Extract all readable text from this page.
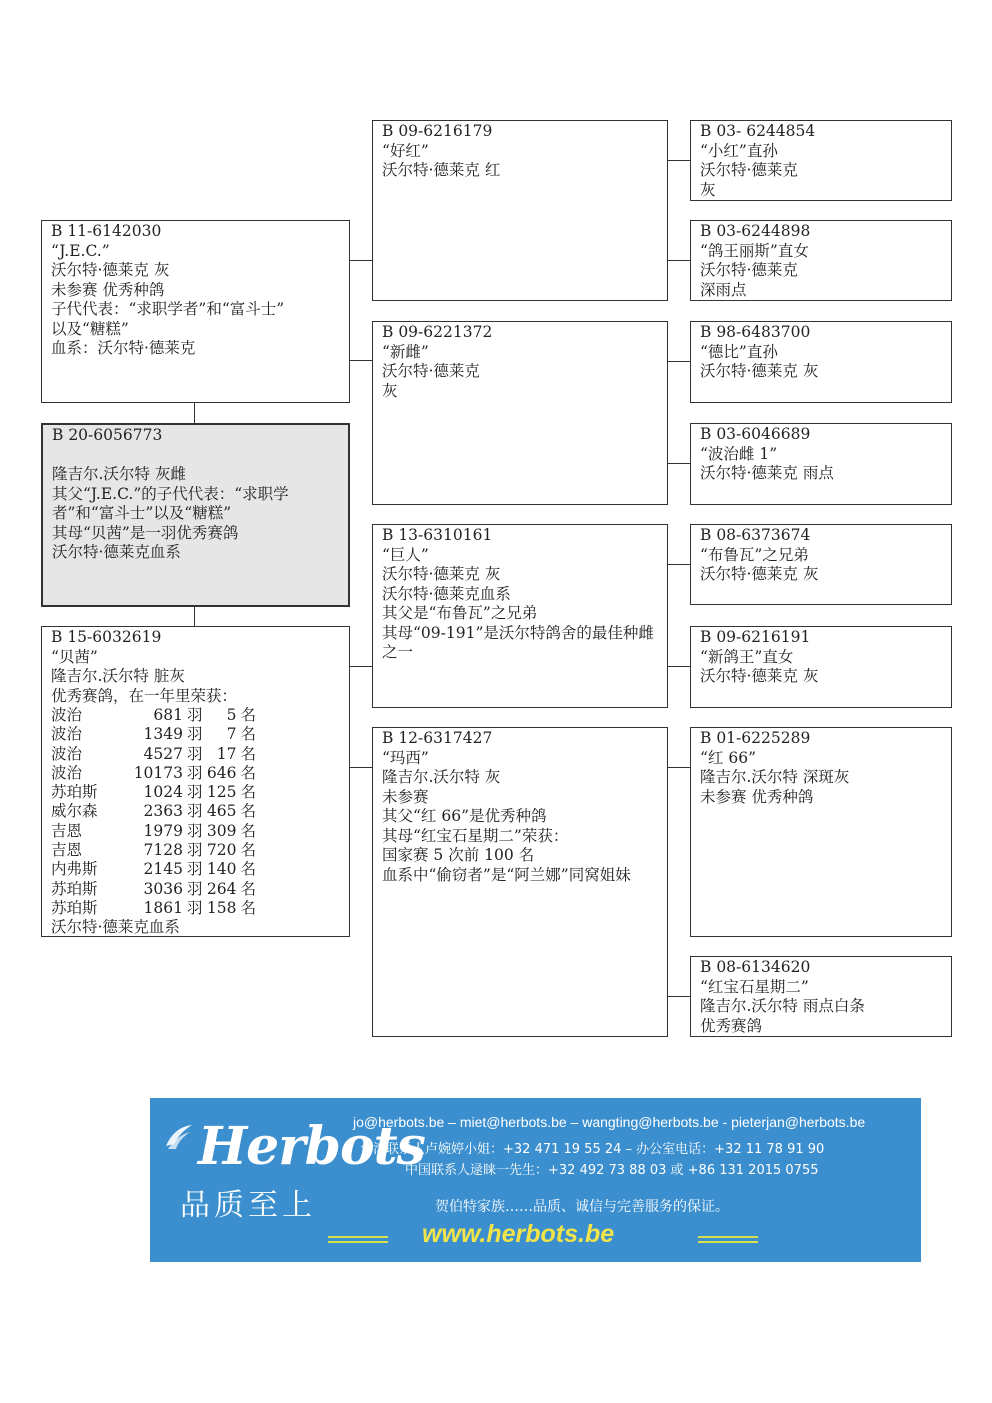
B 11-6142030
“J.E.C.”
沃尔特·德莱克 灰
未参赛 优秀种鸽
子代代表：“求职学者”和“富斗士”
以及“糖糕”
血系：沃尔特·德莱克
B 20-6056773

隆吉尔.沃尔特 灰雌
其父“J.E.C.”的子代代表：“求职学者”和“富斗士”以及“糖糕”
其母“贝茜”是一羽优秀赛鸽
沃尔特·德莱克血系
B 15-6032619
“贝茜”
隆吉尔.沃尔特 脏灰
优秀赛鸽，在一年里荣获：
波治	681	羽	5	名
波治	1349	羽	7	名
波治	4527	羽	17	名
波治	10173	羽	646	名
苏珀斯	1024	羽	125	名
威尔森	2363	羽	465	名
吉恩	1979	羽	309	名
吉恩	7128	羽	720	名
内弗斯	2145	羽	140	名
苏珀斯	3036	羽	264	名
苏珀斯	1861	羽	158	名
沃尔特·德莱克血系
B 09-6216179
“好红”
沃尔特·德莱克 红
B 09-6221372
“新雌”
沃尔特·德莱克
灰
B 13-6310161
“巨人”
沃尔特·德莱克 灰
沃尔特·德莱克血系
其父是“布鲁瓦”之兄弟
其母“09-191”是沃尔特鸽舍的最佳种雌之一
B 12-6317427
“玛西”
隆吉尔.沃尔特 灰
未参赛
其父“红 66”是优秀种鸽
其母“红宝石星期二”荣获：
国家赛 5 次前 100 名
血系中“偷窃者”是“阿兰娜”同窝姐妹
B 03- 6244854
“小红”直孙
沃尔特·德莱克
灰
B 03-6244898
“鸽王丽斯”直女
沃尔特·德莱克
深雨点
B 98-6483700
“德比”直孙
沃尔特·德莱克 灰
B 03-6046689
“波治雌 1”
沃尔特·德莱克 雨点
B 08-6373674
“布鲁瓦”之兄弟
沃尔特·德莱克 灰
B 09-6216191
“新鸽王”直女
沃尔特·德莱克 灰
B 01-6225289
“红 66”
隆吉尔.沃尔特 深斑灰
未参赛 优秀种鸽
B 08-6134620
“红宝石星期二”
隆吉尔.沃尔特 雨点白条
优秀赛鸽
Herbots
品质至上
jo@herbots.be – miet@herbots.be – wangting@herbots.be - pieterjan@herbots.be
台湾联系人卢婉婷小姐：+32 471 19 55 24 – 办公室电话：+32 11 78 91 90
中国联系人逯睐一先生：+32 492 73 88 03 或 +86 131 2015 0755
贺伯特家族……品质、诚信与完善服务的保证。
www.herbots.be
